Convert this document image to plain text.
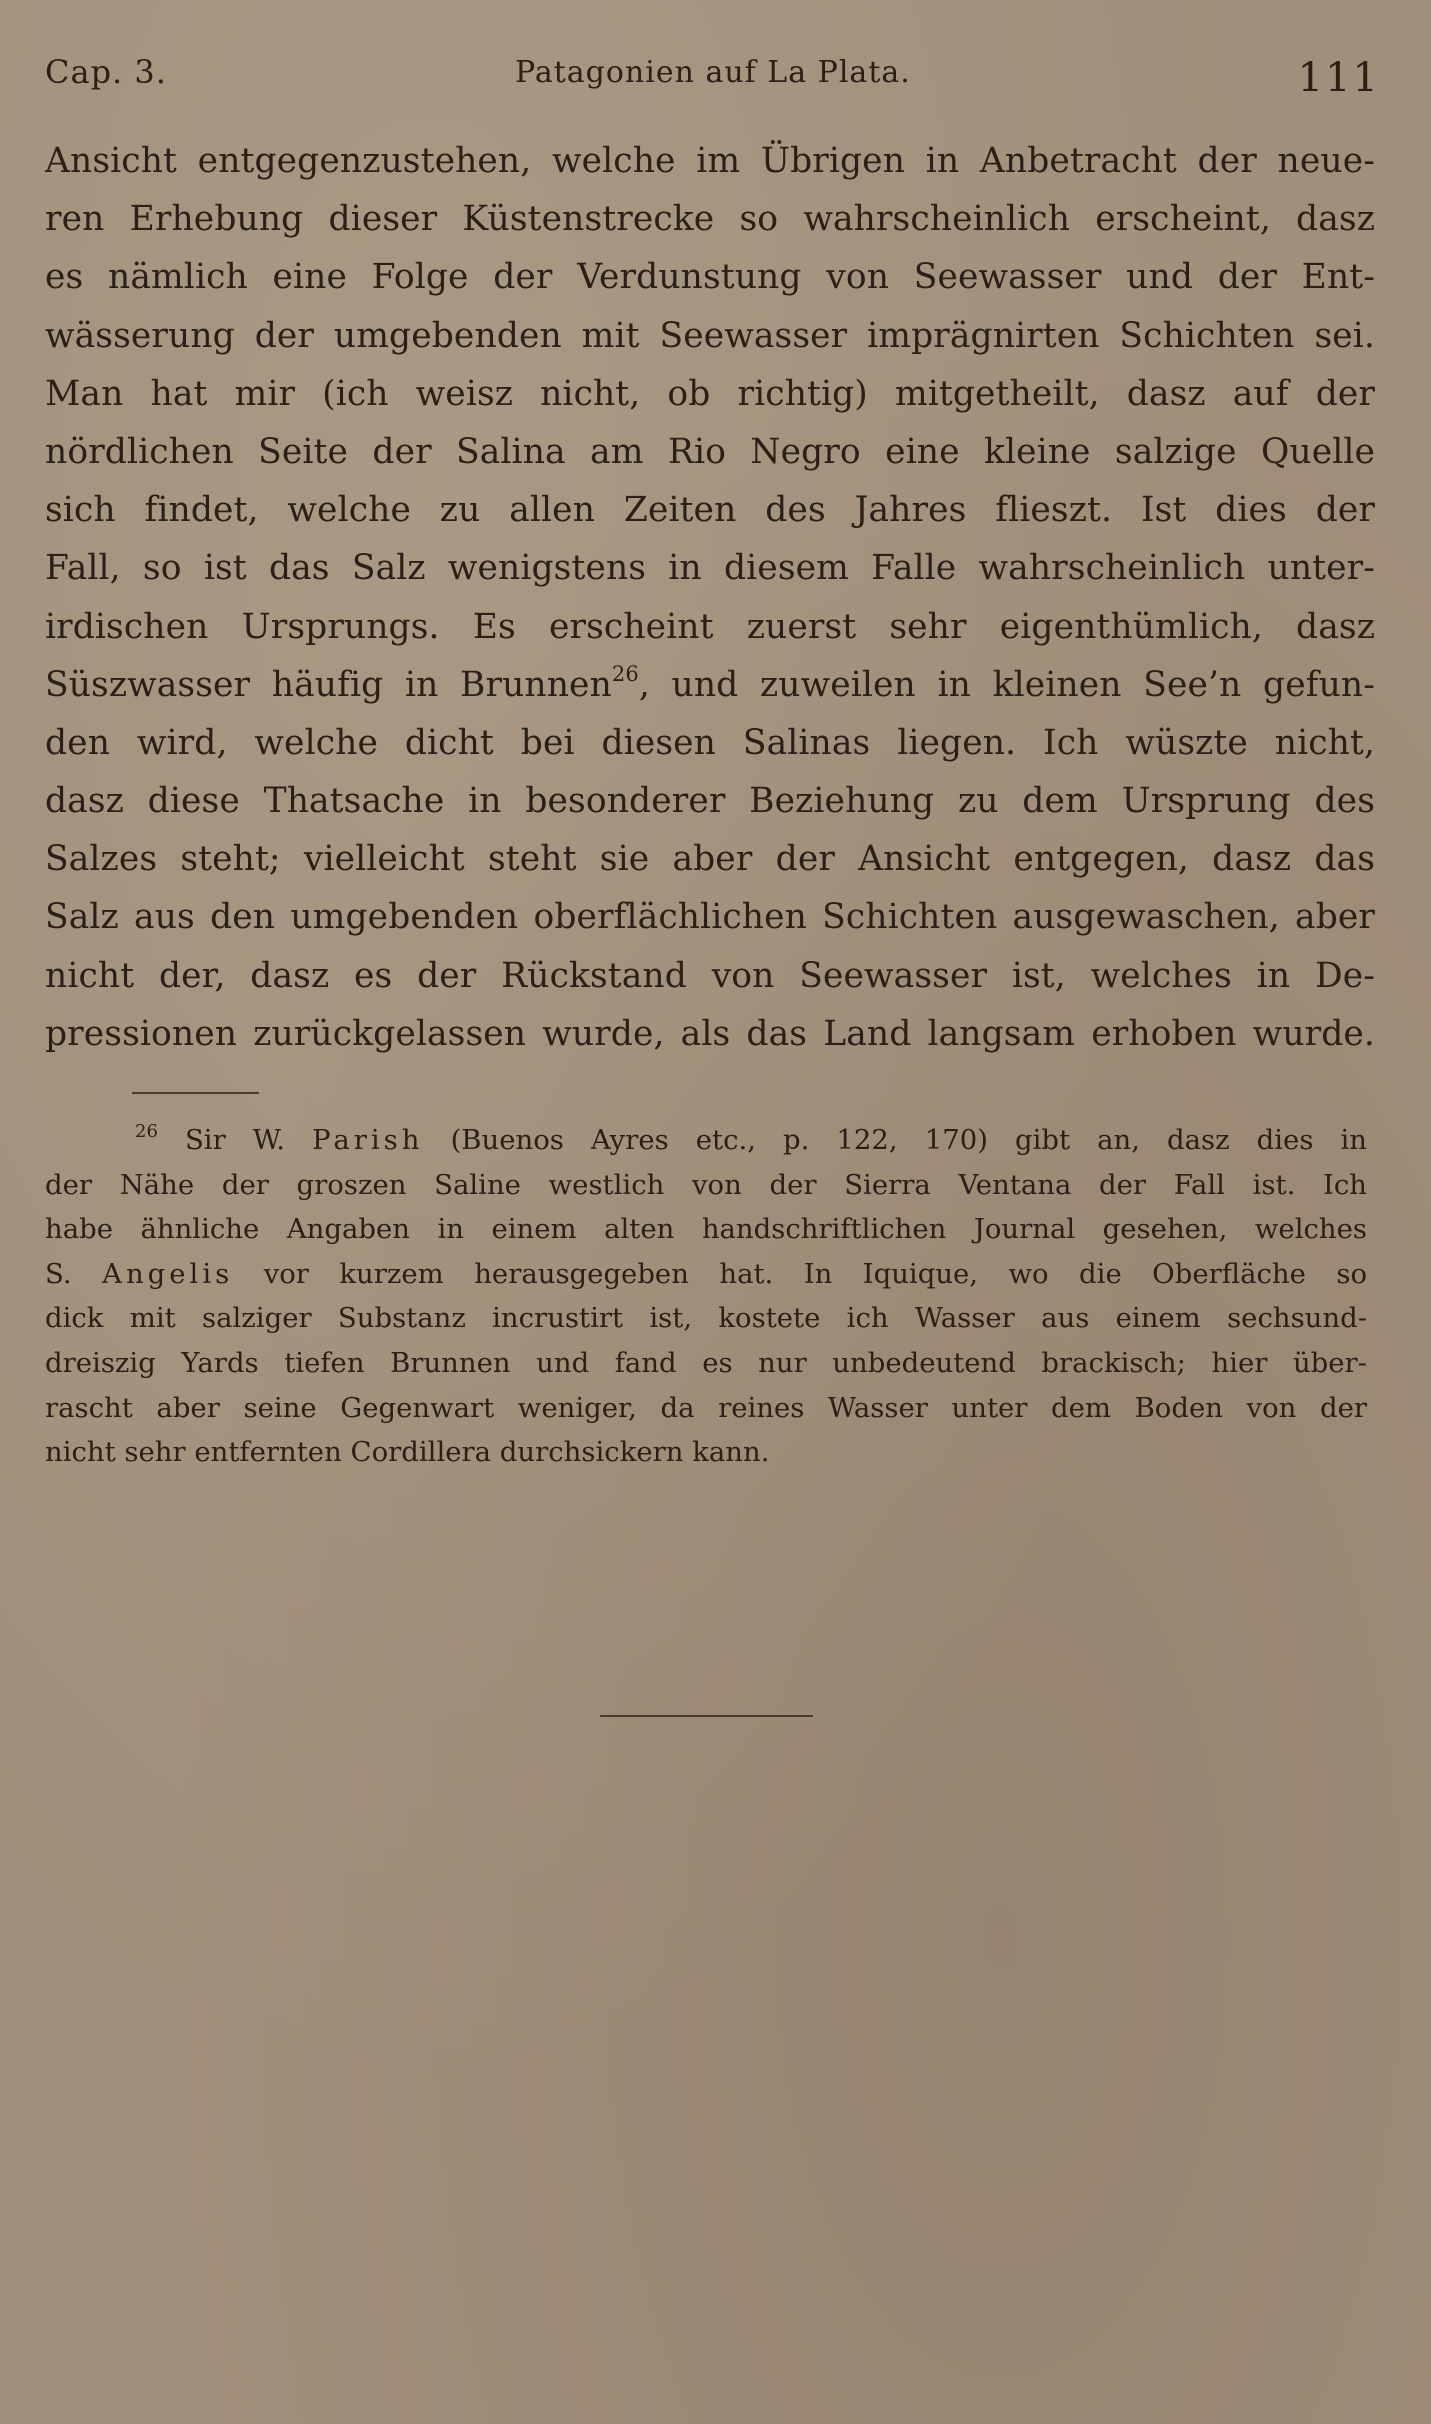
Cap. 3.	Patagonien auf La Plata.	111
Ansicht entgegenzustehen, welche im Übrigen in Anbetracht der neue-
ren Erhebung dieser Küstenstrecke so wahrscheinlich erscheint, dasz
es nämlich eine Folge der Verdunstung von Seewasser und der Ent-
wässerung der umgebenden mit Seewasser imprägnirten Schichten sei.
Man hat mir (ich weisz nicht, ob richtig) mitgetheilt, dasz auf der
nördlichen Seite der Salina am Rio Negro eine kleine salzige Quelle
sich findet, welche zu allen Zeiten des Jahres flieszt. Ist dies der
Fall, so ist das Salz wenigstens in diesem Falle wahrscheinlich unter-
irdischen Ursprungs. Es erscheint zuerst sehr eigenthümlich, dasz
Süszwasser häufig in Brunnen$^{26}$, und zuweilen in kleinen See’n gefun-
den wird, welche dicht bei diesen Salinas liegen. Ich wüszte nicht,
dasz diese Thatsache in besonderer Beziehung zu dem Ursprung des
Salzes steht; vielleicht steht sie aber der Ansicht entgegen, dasz das
Salz aus den umgebenden oberflächlichen Schichten ausgewaschen, aber
nicht der, dasz es der Rückstand von Seewasser ist, welches in De-
pressionen zurückgelassen wurde, als das Land langsam erhoben wurde.
$^{26}$ Sir W. Parish (Buenos Ayres etc., p. 122, 170) gibt an, dasz dies in
der Nähe der groszen Saline westlich von der Sierra Ventana der Fall ist. Ich
habe ähnliche Angaben in einem alten handschriftlichen Journal gesehen, welches
S. Angelis vor kurzem herausgegeben hat. In Iquique, wo die Oberfläche so
dick mit salziger Substanz incrustirt ist, kostete ich Wasser aus einem sechsund-
dreiszig Yards tiefen Brunnen und fand es nur unbedeutend brackisch; hier über-
rascht aber seine Gegenwart weniger, da reines Wasser unter dem Boden von der
nicht sehr entfernten Cordillera durchsickern kann.
